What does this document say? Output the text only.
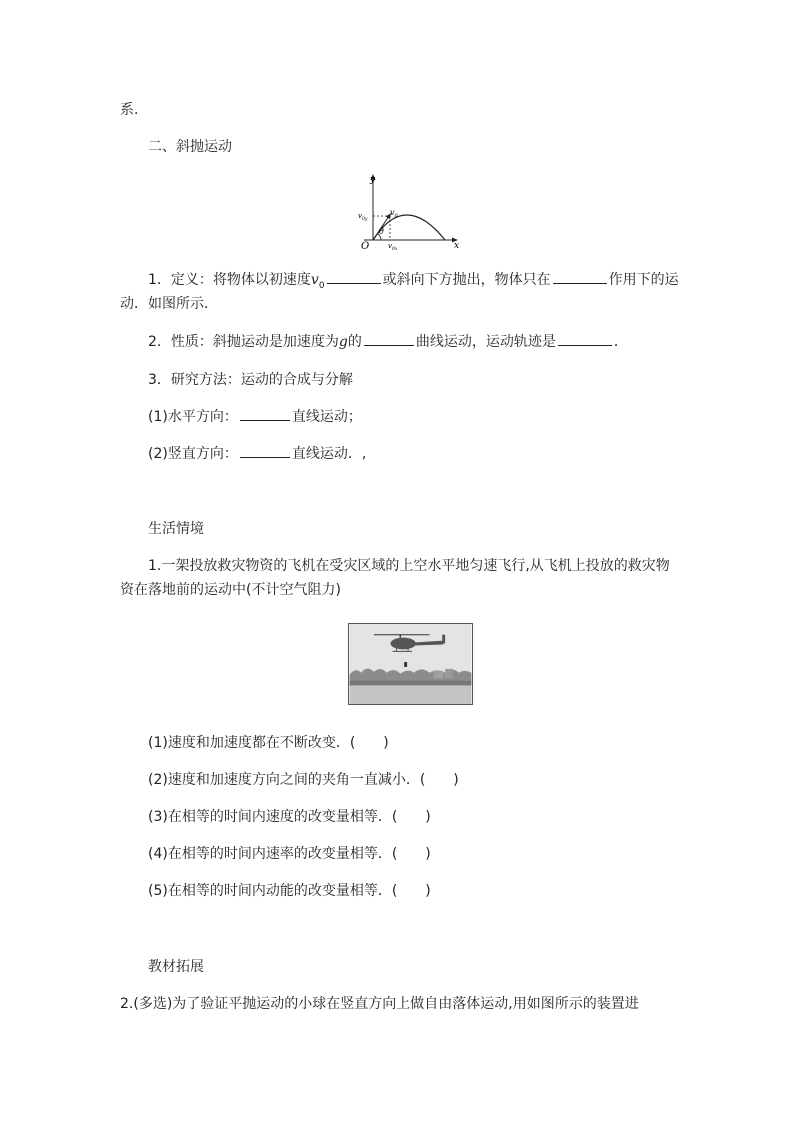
系．
二、斜抛运动
y
x
O
θ
$v_0$
$v_{0y}$
$v_{0x}$
1．定义：将物体以初速度$v_0$	或斜向下方抛出，物体只在	作用下的运
动．如图所示．
2．性质：斜抛运动是加速度为g的	曲线运动，运动轨迹是	．
3．研究方法：运动的合成与分解
(1)水平方向：	直线运动；
(2)竖直方向：	直线运动．,
生活情境
1.一架投放救灾物资的飞机在受灾区域的上空水平地匀速飞行,从飞机上投放的救灾物
资在落地前的运动中(不计空气阻力)
(1)速度和加速度都在不断改变．(　　)
(2)速度和加速度方向之间的夹角一直减小．(　　)
(3)在相等的时间内速度的改变量相等．(　　)
(4)在相等的时间内速率的改变量相等．(　　)
(5)在相等的时间内动能的改变量相等．(　　)
教材拓展
2.(多选)为了验证平抛运动的小球在竖直方向上做自由落体运动,用如图所示的装置进
